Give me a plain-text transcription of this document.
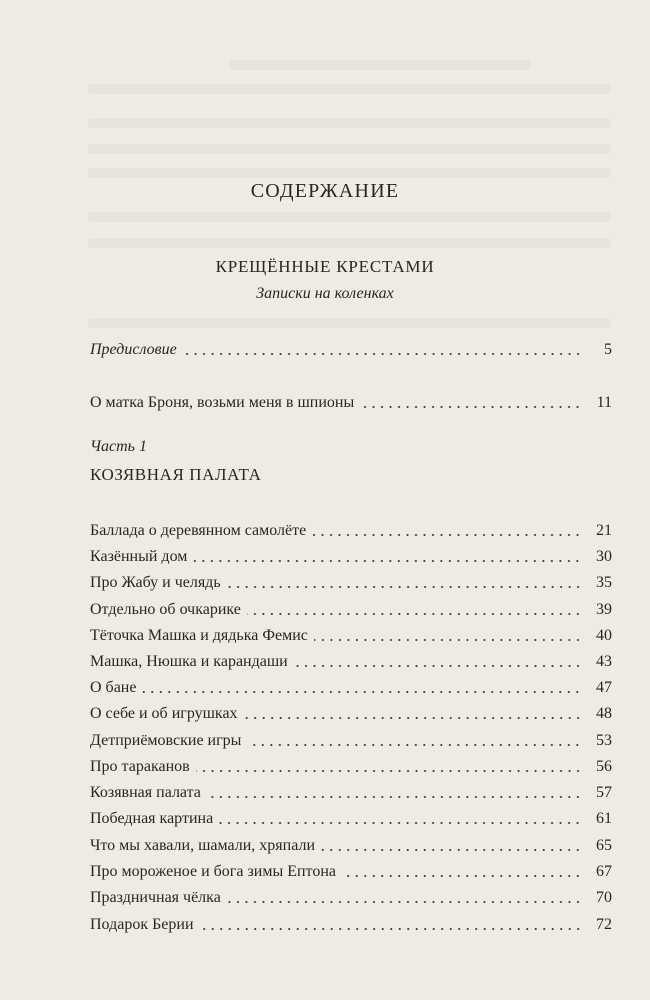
СОДЕРЖАНИЕ
КРЕЩЁННЫЕ КРЕСТАМИ
Записки на коленках
Предисловие	5
О матка Броня, возьми меня в шпионы	11
Часть 1
КОЗЯВНАЯ ПАЛАТА
Баллада о деревянном самолёте	21
Казённый дом	30
Про Жабу и челядь	35
Отдельно об очкарике	39
Тёточка Машка и дядька Фемис	40
Машка, Нюшка и карандаши	43
О бане	47
О себе и об игрушках	48
Детприёмовские игры	53
Про тараканов	56
Козявная палата	57
Победная картина	61
Что мы хавали, шамали, хряпали	65
Про мороженое и бога зимы Ептона	67
Праздничная чёлка	70
Подарок Берии	72
